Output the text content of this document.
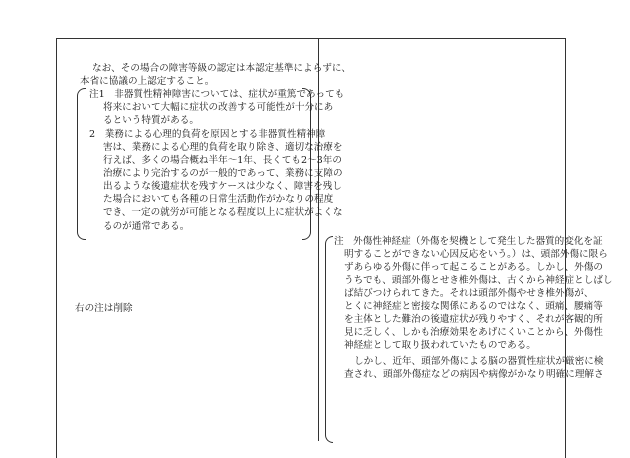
なお、その場合の障害等級の認定は本認定基準によらずに、
本省に協議の上認定すること。
注1　非器質性精神障害については、症状が重篤であっても
将来において大幅に症状の改善する可能性が十分にあ
るという特質がある。
2　業務による心理的負荷を原因とする非器質性精神障
害は、業務による心理的負荷を取り除き、適切な治療を
行えば、多くの場合概ね半年〜1年、長くても2〜3年の
治療により完治するのが一般的であって、業務に支障の
出るような後遺症状を残すケースは少なく、障害を残し
た場合においても各種の日常生活動作がかなりの程度
でき、一定の就労が可能となる程度以上に症状がよくな
るのが通常である。
右の注は削除
注　外傷性神経症（外傷を契機として発生した器質的変化を証
明することができない心因反応をいう。）は、頭部外傷に限ら
ずあらゆる外傷に伴って起こることがある。しかし、外傷の
うちでも、頭部外傷とせき椎外傷は、古くから神経症としばし
ば結びつけられてきた。それは頭部外傷やせき椎外傷が、
とくに神経症と密接な関係にあるのではなく、頭痛、腰痛等
を主体とした難治の後遺症状が残りやすく、それが客観的所
見に乏しく、しかも治療効果をあげにくいことから、外傷性
神経症として取り扱われていたものである。
しかし、近年、頭部外傷による脳の器質性症状が厳密に検
査され、頭部外傷症などの病因や病像がかなり明確に理解さ
